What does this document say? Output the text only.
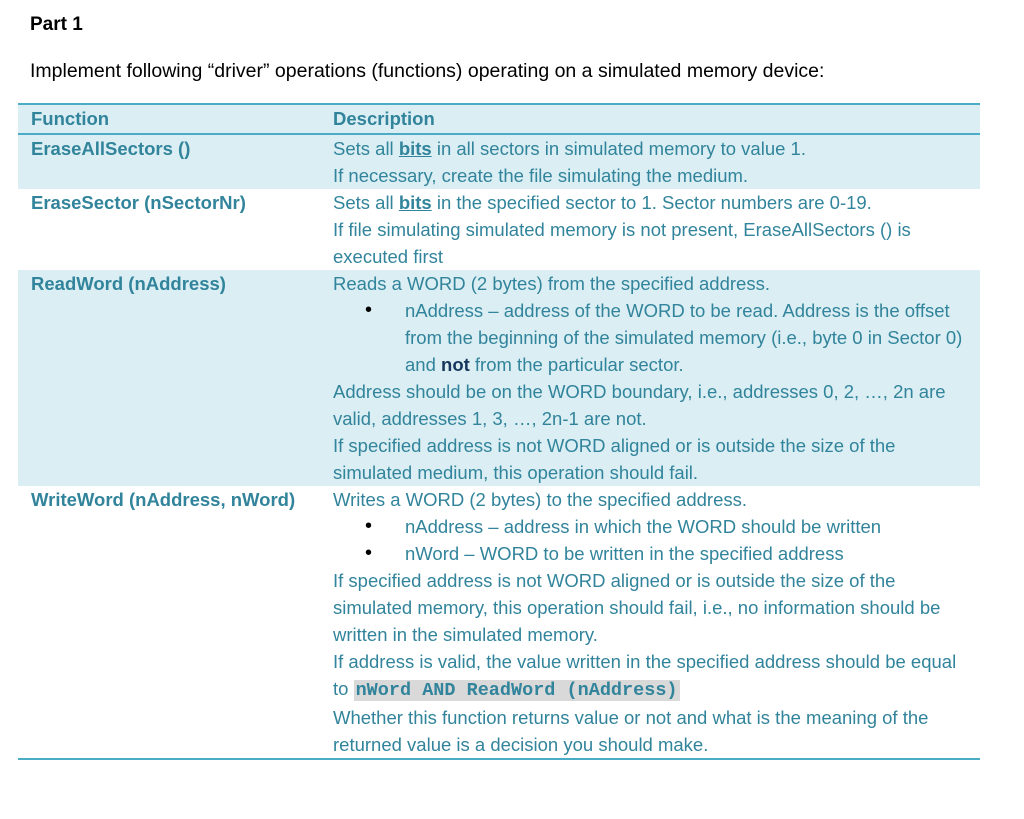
Part 1
Implement following “driver” operations (functions) operating on a simulated memory device:
Function	Description
EraseAllSectors ()	Sets all bits in all sectors in simulated memory to value 1.
If necessary, create the file simulating the medium.
EraseSector (nSectorNr)	Sets all bits in the specified sector to 1. Sector numbers are 0-19.
If file simulating simulated memory is not present, EraseAllSectors () is executed first
ReadWord (nAddress)	Reads a WORD (2 bytes) from the specified address.
• nAddress – address of the WORD to be read. Address is the offset from the beginning of the simulated memory (i.e., byte 0 in Sector 0) and not from the particular sector.
Address should be on the WORD boundary, i.e., addresses 0, 2, …, 2n are valid, addresses 1, 3, …, 2n-1 are not.
If specified address is not WORD aligned or is outside the size of the simulated medium, this operation should fail.
WriteWord (nAddress, nWord)	Writes a WORD (2 bytes) to the specified address.
• nAddress – address in which the WORD should be written
• nWord – WORD to be written in the specified address
If specified address is not WORD aligned or is outside the size of the simulated memory, this operation should fail, i.e., no information should be written in the simulated memory.
If address is valid, the value written in the specified address should be equal to nWord AND ReadWord (nAddress)
Whether this function returns value or not and what is the meaning of the returned value is a decision you should make.
